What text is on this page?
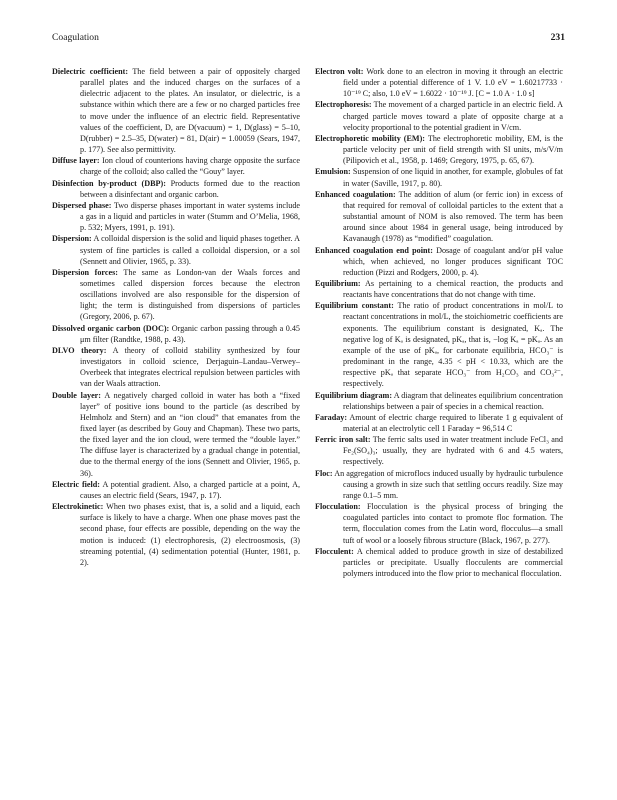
Coagulation	231

Dielectric coefficient: The field between a pair of oppositely charged parallel plates and the induced charges on the surfaces of a dielectric adjacent to the plates. An insulator, or dielectric, is a substance within which there are a few or no charged particles free to move under the influence of an electric field. Representative values of the coefficient, D, are D(vacuum) = 1, D(glass) = 5–10, D(rubber) = 2.5–35, D(water) = 81, D(air) = 1.00059 (Sears, 1947, p. 177). See also permittivity.

Diffuse layer: Ion cloud of counterions having charge opposite the surface charge of the colloid; also called the “Gouy” layer.

Disinfection by-product (DBP): Products formed due to the reaction between a disinfectant and organic carbon.

Dispersed phase: Two disperse phases important in water systems include a gas in a liquid and particles in water (Stumm and O’Melia, 1968, p. 532; Myers, 1991, p. 191).

Dispersion: A colloidal dispersion is the solid and liquid phases together. A system of fine particles is called a colloidal dispersion, or a sol (Sennett and Olivier, 1965, p. 33).

Dispersion forces: The same as London-van der Waals forces and sometimes called dispersion forces because the electron oscillations involved are also responsible for the dispersion of light; the term is distinguished from dispersions of particles (Gregory, 2006, p. 67).

Dissolved organic carbon (DOC): Organic carbon passing through a 0.45 μm filter (Randtke, 1988, p. 43).

DLVO theory: A theory of colloid stability synthesized by four investigators in colloid science, Derjaguin–Landau–Verwey–Overbeek that integrates electrical repulsion between particles with van der Waals attraction.

Double layer: A negatively charged colloid in water has both a “fixed layer” of positive ions bound to the particle (as described by Helmholz and Stern) and an “ion cloud” that emanates from the fixed layer (as described by Gouy and Chapman). These two parts, the fixed layer and the ion cloud, were termed the “double layer.” The diffuse layer is characterized by a gradual change in potential, due to the thermal energy of the ions (Sennett and Olivier, 1965, p. 36).

Electric field: A potential gradient. Also, a charged particle at a point, A, causes an electric field (Sears, 1947, p. 17).

Electrokinetic: When two phases exist, that is, a solid and a liquid, each surface is likely to have a charge. When one phase moves past the second phase, four effects are possible, depending on the way the motion is induced: (1) electrophoresis, (2) electroosmosis, (3) streaming potential, (4) sedimentation potential (Hunter, 1981, p. 2).

Electron volt: Work done to an electron in moving it through an electric field under a potential difference of 1 V. 1.0 eV = 1.60217733 · 10⁻¹⁹ C; also, 1.0 eV = 1.6022 · 10⁻¹⁹ J. [C = 1.0 A · 1.0 s]

Electrophoresis: The movement of a charged particle in an electric field. A charged particle moves toward a plate of opposite charge at a velocity proportional to the potential gradient in V/cm.

Electrophoretic mobility (EM): The electrophoretic mobility, EM, is the particle velocity per unit of field strength with SI units, m/s/V/m (Pilipovich et al., 1958, p. 1469; Gregory, 1975, p. 65, 67).

Emulsion: Suspension of one liquid in another, for example, globules of fat in water (Saville, 1917, p. 80).

Enhanced coagulation: The addition of alum (or ferric ion) in excess of that required for removal of colloidal particles to the extent that a substantial amount of NOM is also removed. The term has been around since about 1984 in general usage, being introduced by Kavanaugh (1978) as “modified” coagulation.

Enhanced coagulation end point: Dosage of coagulant and/or pH value which, when achieved, no longer produces significant TOC reduction (Pizzi and Rodgers, 2000, p. 4).

Equilibrium: As pertaining to a chemical reaction, the products and reactants have concentrations that do not change with time.

Equilibrium constant: The ratio of product concentrations in mol/L to reactant concentrations in mol/L, the stoichiometric coefficients are exponents. The equilibrium constant is designated, Kₐ. The negative log of Kₐ is designated, pKₐ, that is, −log Kₐ = pKₐ. As an example of the use of pKₐ, for carbonate equilibria, HCO₃⁻ is predominant in the range, 4.35 < pH < 10.33, which are the respective pKₐ that separate HCO₃⁻ from H₂CO₃ and CO₃²⁻, respectively.

Equilibrium diagram: A diagram that delineates equilibrium concentration relationships between a pair of species in a chemical reaction.

Faraday: Amount of electric charge required to liberate 1 g equivalent of material at an electrolytic cell 1 Faraday = 96,514 C

Ferric iron salt: The ferric salts used in water treatment include FeCl₃ and Fe₂(SO₄)₃; usually, they are hydrated with 6 and 4.5 waters, respectively.

Floc: An aggregation of microflocs induced usually by hydraulic turbulence causing a growth in size such that settling occurs readily. Size may range 0.1–5 mm.

Flocculation: Flocculation is the physical process of bringing the coagulated particles into contact to promote floc formation. The term, flocculation comes from the Latin word, flocculus—a small tuft of wool or a loosely fibrous structure (Black, 1967, p. 277).

Flocculent: A chemical added to produce growth in size of destabilized particles or precipitate. Usually flocculents are commercial polymers introduced into the flow prior to mechanical flocculation.
